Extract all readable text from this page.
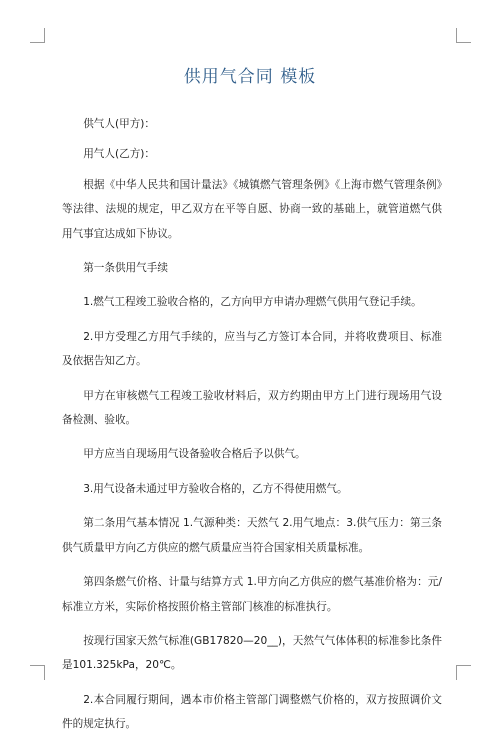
供用气合同 模板

供气人(甲方)：

用气人(乙方)：

根据《中华人民共和国计量法》《城镇燃气管理条例》《上海市燃气管理条例》等法律、法规的规定，甲乙双方在平等自愿、协商一致的基础上，就管道燃气供用气事宜达成如下协议。

第一条供用气手续

1.燃气工程竣工验收合格的，乙方向甲方申请办理燃气供用气登记手续。

2.甲方受理乙方用气手续的，应当与乙方签订本合同，并将收费项目、标准及依据告知乙方。

甲方在审核燃气工程竣工验收材料后，双方约期由甲方上门进行现场用气设备检测、验收。

甲方应当自现场用气设备验收合格后予以供气。

3.用气设备未通过甲方验收合格的，乙方不得使用燃气。

第二条用气基本情况 1.气源种类：天然气 2.用气地点：3.供气压力：第三条供气质量甲方向乙方供应的燃气质量应当符合国家相关质量标准。

第四条燃气价格、计量与结算方式 1.甲方向乙方供应的燃气基准价格为：元/标准立方米，实际价格按照价格主管部门核准的标准执行。

按现行国家天然气标准(GB17820—20__)，天然气气体体积的标准参比条件是101.325kPa，20℃。

2.本合同履行期间，遇本市价格主管部门调整燃气价格的，双方按照调价文件的规定执行。
